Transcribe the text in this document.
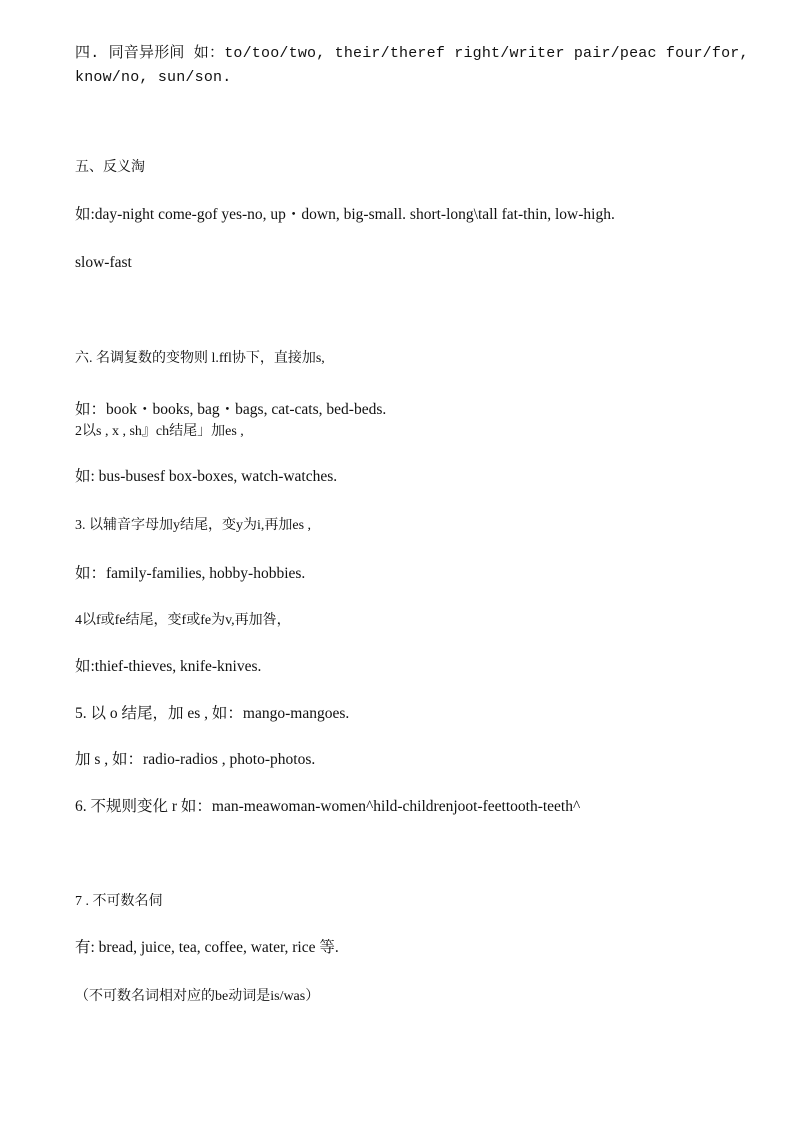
四. 同音异形间 如：to/too/two, their/theref right/writer pair/peac four/for,
know/no, sun/son.
五、反义淘
如:day-night come-gof yes-no, up・down, big-small. short-long\tall fat-thin, low-high.
slow-fast
六. 名调复数的变物则 l.ffl协下，直接加s,
如：book・books, bag・bags, cat-cats, bed-beds.
2以s , x , sh』ch结尾」加es ,
如: bus-busesf box-boxes, watch-watches.
3. 以辅音字母加y结尾，变y为i,再加es ,
如：family-families, hobby-hobbies.
4以f或fe结尾，变f或fe为v,再加咎，
如:thief-thieves, knife-knives.
5. 以 o 结尾，加 es , 如：mango-mangoes.
加 s , 如：radio-radios , photo-photos.
6. 不规则变化 r 如：man-meawoman-women^hild-childrenjoot-feettooth-teeth^
7 . 不可数名伺
有: bread, juice, tea, coffee, water, rice 等.
（不可数名词相对应的be动词是is/was）
